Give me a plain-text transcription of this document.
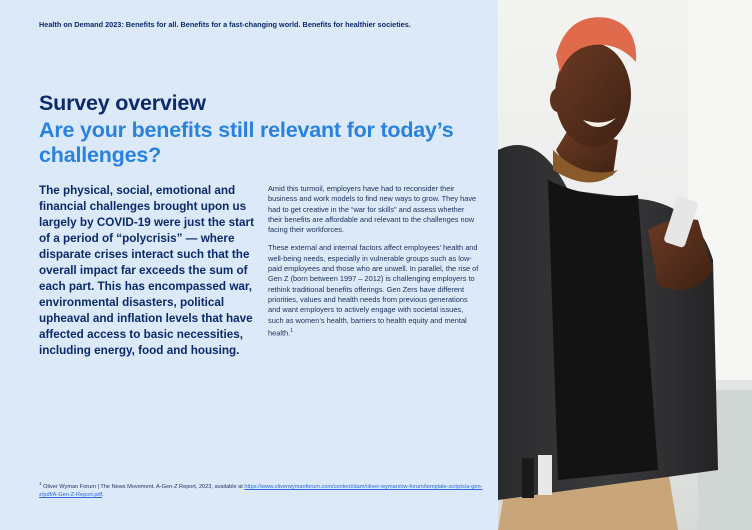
Health on Demand 2023: Benefits for all. Benefits for a fast-changing world. Benefits for healthier societies.
Survey overview
Are your benefits still relevant for today’s challenges?
The physical, social, emotional and financial challenges brought upon us largely by COVID-19 were just the start of a period of “polycrisis” — where disparate crises interact such that the overall impact far exceeds the sum of each part. This has encompassed war, environmental disasters, political upheaval and inflation levels that have affected access to basic necessities, including energy, food and housing.

Amid this turmoil, employers have had to reconsider their business and work models to find new ways to grow. They have had to get creative in the “war for skills” and assess whether their benefits are affordable and relevant to the challenges now facing their workforces.

These external and internal factors affect employees’ health and well-being needs, especially in vulnerable groups such as low-paid employees and those who are unwell. In parallel, the rise of Gen Z (born between 1997 – 2012) is challenging employers to rethink traditional benefits offerings. Gen Zers have different priorities, values and health needs from previous generations and want employers to actively engage with societal issues, such as women’s health, barriers to health equity and mental health.$^1$

$^1$ Oliver Wyman Forum | The News Movement. A-Gen-Z Report, 2023, available at https://www.oliverwymanforum.com/content/dam/oliver-wyman/ow-forum/template-scripts/a-gen-z/pdf/A-Gen-Z-Report.pdf.
